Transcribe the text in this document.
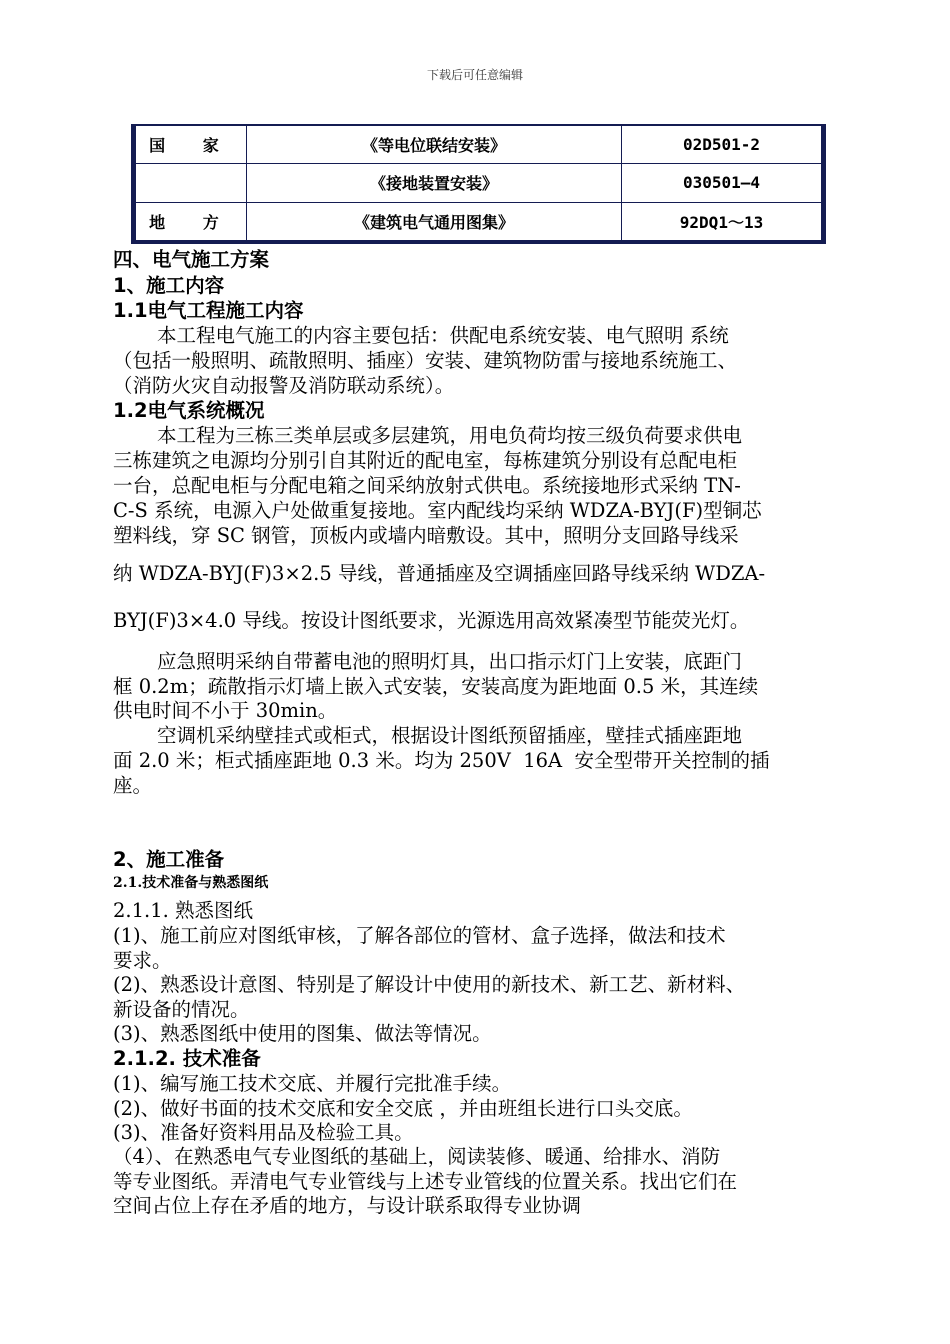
下载后可任意编辑
国 家	《等电位联结安装》	02D501-2
	《接地装置安装》	030501—4
地 方	《建筑电气通用图集》	92DQ1～13
四、电气施工方案
1、施工内容
1.1电气工程施工内容
本工程电气施工的内容主要包括：供配电系统安装、电气照明 系统
（包括一般照明、疏散照明、插座）安装、建筑物防雷与接地系统施工、
（消防火灾自动报警及消防联动系统）。
1.2电气系统概况
本工程为三栋三类单层或多层建筑，用电负荷均按三级负荷要求供电
三栋建筑之电源均分别引自其附近的配电室，每栋建筑分别设有总配电柜
一台，总配电柜与分配电箱之间采纳放射式供电。系统接地形式采纳 TN-
C-S 系统，电源入户处做重复接地。室内配线均采纳 WDZA-BYJ(F)型铜芯
塑料线，穿 SC 钢管，顶板内或墙内暗敷设。其中，照明分支回路导线采
纳 WDZA-BYJ(F)3×2.5 导线，普通插座及空调插座回路导线采纳 WDZA-
BYJ(F)3×4.0 导线。按设计图纸要求，光源选用高效紧凑型节能荧光灯。
应急照明采纳自带蓄电池的照明灯具，出口指示灯门上安装，底距门
框 0.2m；疏散指示灯墙上嵌入式安装，安装高度为距地面 0.5 米，其连续
供电时间不小于 30min。
空调机采纳壁挂式或柜式，根据设计图纸预留插座，壁挂式插座距地
面 2.0 米；柜式插座距地 0.3 米。均为 250V  16A  安全型带开关控制的插
座。
2、施工准备
2.1.技术准备与熟悉图纸
2.1.1. 熟悉图纸
(1)、施工前应对图纸审核，了解各部位的管材、盒子选择，做法和技术
要求。
(2)、熟悉设计意图、特别是了解设计中使用的新技术、新工艺、新材料、
新设备的情况。
(3)、熟悉图纸中使用的图集、做法等情况。
2.1.2. 技术准备
(1)、编写施工技术交底、并履行完批准手续。
(2)、做好书面的技术交底和安全交底 ，并由班组长进行口头交底。
(3)、准备好资料用品及检验工具。
（4）、在熟悉电气专业图纸的基础上，阅读装修、暖通、给排水、消防
等专业图纸。弄清电气专业管线与上述专业管线的位置关系。找出它们在
空间占位上存在矛盾的地方，与设计联系取得专业协调
